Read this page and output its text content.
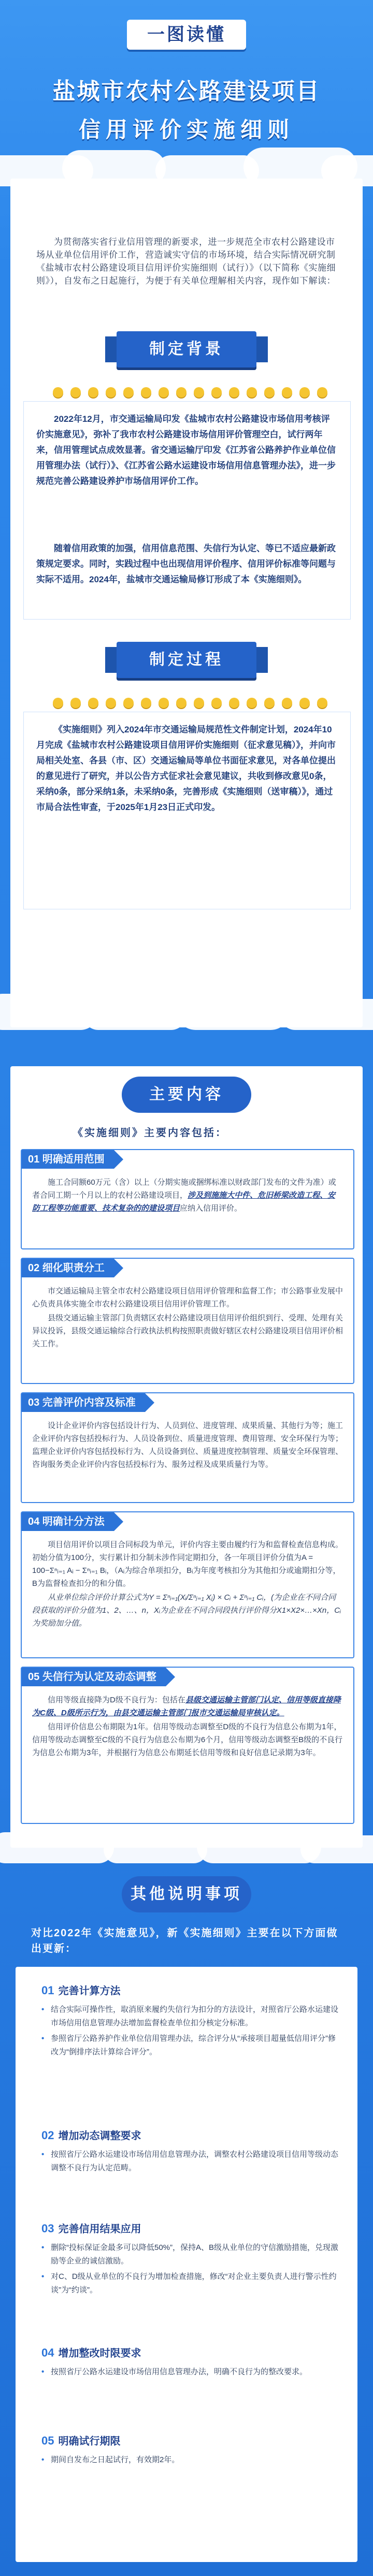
一图读懂
盐城市农村公路建设项目
信用评价实施细则
为贯彻落实省行业信用管理的新要求，进一步规范全市农村公路建设市场从业单位信用评价工作，营造诚实守信的市场环境，结合实际情况研究制《盐城市农村公路建设项目信用评价实施细则（试行）》（以下简称《实施细则》），自发布之日起施行，为便于有关单位理解相关内容，现作如下解读：
制定背景
2022年12月，市交通运输局印发《盐城市农村公路建设市场信用考核评价实施意见》，弥补了我市农村公路建设市场信用评价管理空白，试行两年来，信用管理试点成效显著。省交通运输厅印发《江苏省公路养护作业单位信用管理办法（试行）》、《江苏省公路水运建设市场信用信息管理办法》，进一步规范完善公路建设养护市场信用评价工作。
随着信用政策的加强，信用信息范围、失信行为认定、等已不适应最新政策规定要求。同时，实践过程中也出现信用评价程序、信用评价标准等问题与实际不适用。2024年，盐城市交通运输局修订形成了本《实施细则》。
制定过程
《实施细则》列入2024年市交通运输局规范性文件制定计划，2024年10月完成《盐城市农村公路建设项目信用评价实施细则（征求意见稿）》，并向市局相关处室、各县（市、区）交通运输局等单位书面征求意见，对各单位提出的意见进行了研究，并以公告方式征求社会意见建议，共收到修改意见0条，采纳0条，部分采纳1条，未采纳0条，完善形成《实施细则（送审稿）》，通过市局合法性审查，于2025年1月23日正式印发。
主要内容
《实施细则》主要内容包括：
01 明确适用范围

施工合同额60万元（含）以上（分期实施或捆绑标准以财政部门发布的文件为准）或者合同工期一个月以上的农村公路建设项目，涉及到施施大中件、危旧桥梁改造工程、安防工程等功能重要、技术复杂的的建设项目应纳入信用评价。

02 细化职责分工

市交通运输局主管全市农村公路建设项目信用评价管理和监督工作；市公路事业发展中心负责具体实施全市农村公路建设项目信用评价管理工作。

县级交通运输主管部门负责辖区农村公路建设项目信用评价组织到行、受理、处理有关异议投诉，县级交通运输综合行政执法机构按照职责做好辖区农村公路建设项目信用评价相关工作。

03 完善评价内容及标准

设计企业评价内容包括设计行为、人员到位、进度管理、成果质量、其他行为等；施工企业评价内容包括投标行为、人员设备到位、质量进度管理、费用管理、安全环保行为等；监理企业评价内容包括投标行为、人员设备到位、质量进度控制管理、质量安全环保管理、咨询服务类企业评价内容包括投标行为、服务过程及成果质量行为等。

04 明确计分方法

项目信用评价以项目合同标段为单元，评价内容主要由履约行为和监督检查信息构成。初始分值为100分，实行累计扣分制未涉作同定期扣分，各一年项目评价分值为A = 100−Σⁿᵢ₌₁ Aᵢ − Σⁿᵢ₌₁ Bᵢ，（Aᵢ为综合单项扣分，Bᵢ为年度考核扣分为其他扣分或逾期扣分等，B为监督检查扣分的和分值。

从业单位综合评价计算公式为Y = Σⁿᵢ₌₁(Xᵢ/Σⁿⱼ₌₁ Xⱼ) × Cᵢ + Σⁿᵢ₌₁ Cᵢ，(为企业在不同合同段获取的评价分值为1、2、…、n，Xᵢ为企业在不同合同段执行评价得分X1×X2×…×Xn，Cᵢ为奖励加分值。

05 失信行为认定及动态调整

信用等级直接降为D级不良行为：包括在县级交通运输主管部门认定、信用等级直接降为C级、D级所示行为，由县交通运输主管部门报市交通运输局审核认定。

信用评价信息公布期限为1年。信用等级动态调整至D级的不良行为信息公布期为1年，信用等级动态调整至C级的不良行为信息公布期为6个月，信用等级动态调整至B级的不良行为信息公布期为3年，并根据行为信息公布期延长信用等级和良好信息记录期为3年。

其他说明事项
对比2022年《实施意见》，新《实施细则》主要在以下方面做出更新：
01 完善计算方法

• 结合实际可操作性，取消原来履约失信行为扣分的方法设计，对照省厅公路水运建设市场信用信息管理办法增加监督检查单位扣分核定分标准。

• 参照省厅公路养护作业单位信用管理办法，综合评分从“承接项目超量低信用评分”修改为“倒排序法计算综合评分”。

02 增加动态调整要求

• 按照省厅公路水运建设市场信用信息管理办法，调整农村公路建设项目信用等级动态调整不良行为认定范畴。

03 完善信用结果应用

• 删除“投标保证金最多可以降低50%”，保持A、B级从业单位的守信激励措施，兑现激励等企业的诚信激励。

• 对C、D级从业单位的不良行为增加检查措施，修改“对企业主要负责人进行警示性约谈”为“约谈”。

04 增加整改时限要求

• 按照省厅公路水运建设市场信用信息管理办法，明确不良行为的整改要求。

05 明确试行期限

• 期间自发布之日起试行，有效期2年。
